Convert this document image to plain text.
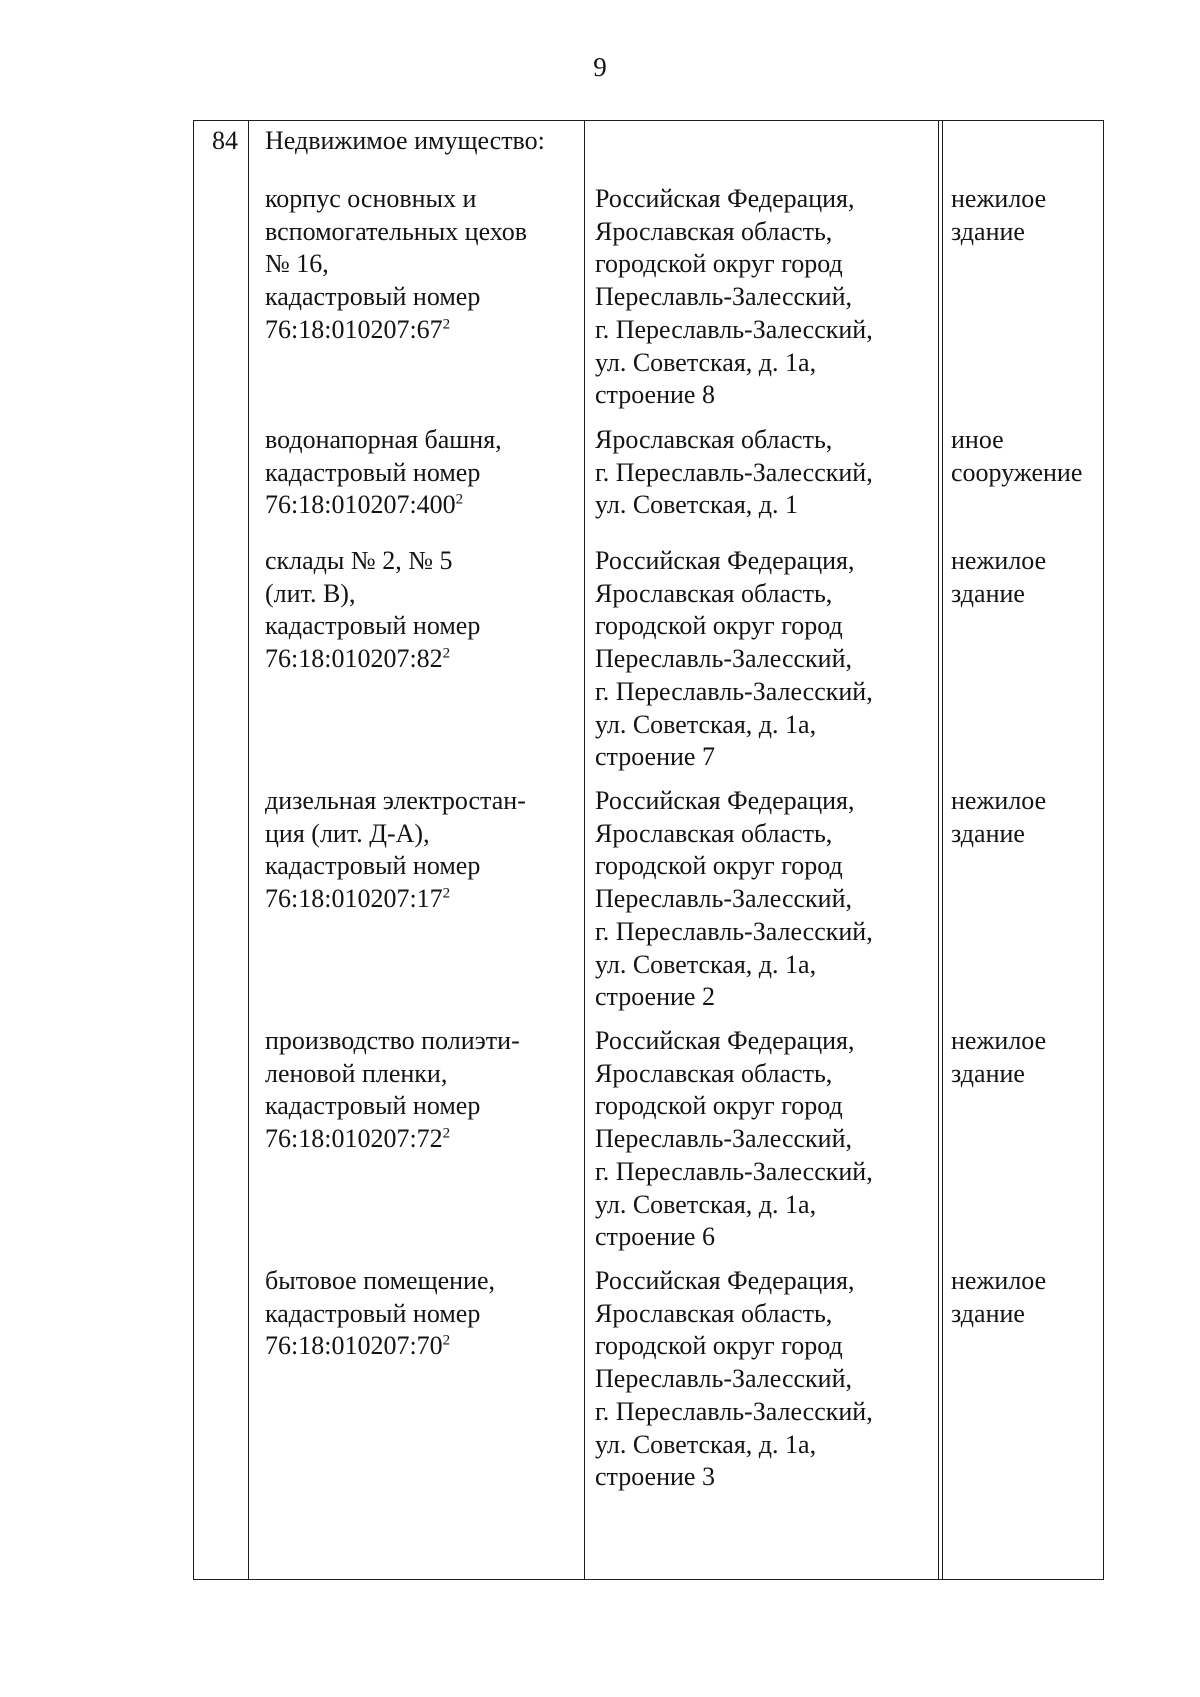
9
84 Недвижимое имущество:
корпус основных и
вспомогательных цехов
№ 16,
кадастровый номер
$76:18:010207:67^2$
Российская Федерация,
Ярославская область,
городской округ город
Переславль-Залесский,
г. Переславль-Залесский,
ул. Советская, д. 1а,
строение 8
нежилое
здание
водонапорная башня,
кадастровый номер
$76:18:010207:400^2$
Ярославская область,
г. Переславль-Залесский,
ул. Советская, д. 1
иное
сооружение
склады № 2, № 5
(лит. В),
кадастровый номер
$76:18:010207:82^2$
Российская Федерация,
Ярославская область,
городской округ город
Переславль-Залесский,
г. Переславль-Залесский,
ул. Советская, д. 1а,
строение 7
нежилое
здание
дизельная электростан-
ция (лит. Д-А),
кадастровый номер
$76:18:010207:17^2$
Российская Федерация,
Ярославская область,
городской округ город
Переславль-Залесский,
г. Переславль-Залесский,
ул. Советская, д. 1а,
строение 2
нежилое
здание
производство полиэти-
леновой пленки,
кадастровый номер
$76:18:010207:72^2$
Российская Федерация,
Ярославская область,
городской округ город
Переславль-Залесский,
г. Переславль-Залесский,
ул. Советская, д. 1а,
строение 6
нежилое
здание
бытовое помещение,
кадастровый номер
$76:18:010207:70^2$
Российская Федерация,
Ярославская область,
городской округ город
Переславль-Залесский,
г. Переславль-Залесский,
ул. Советская, д. 1а,
строение 3
нежилое
здание
